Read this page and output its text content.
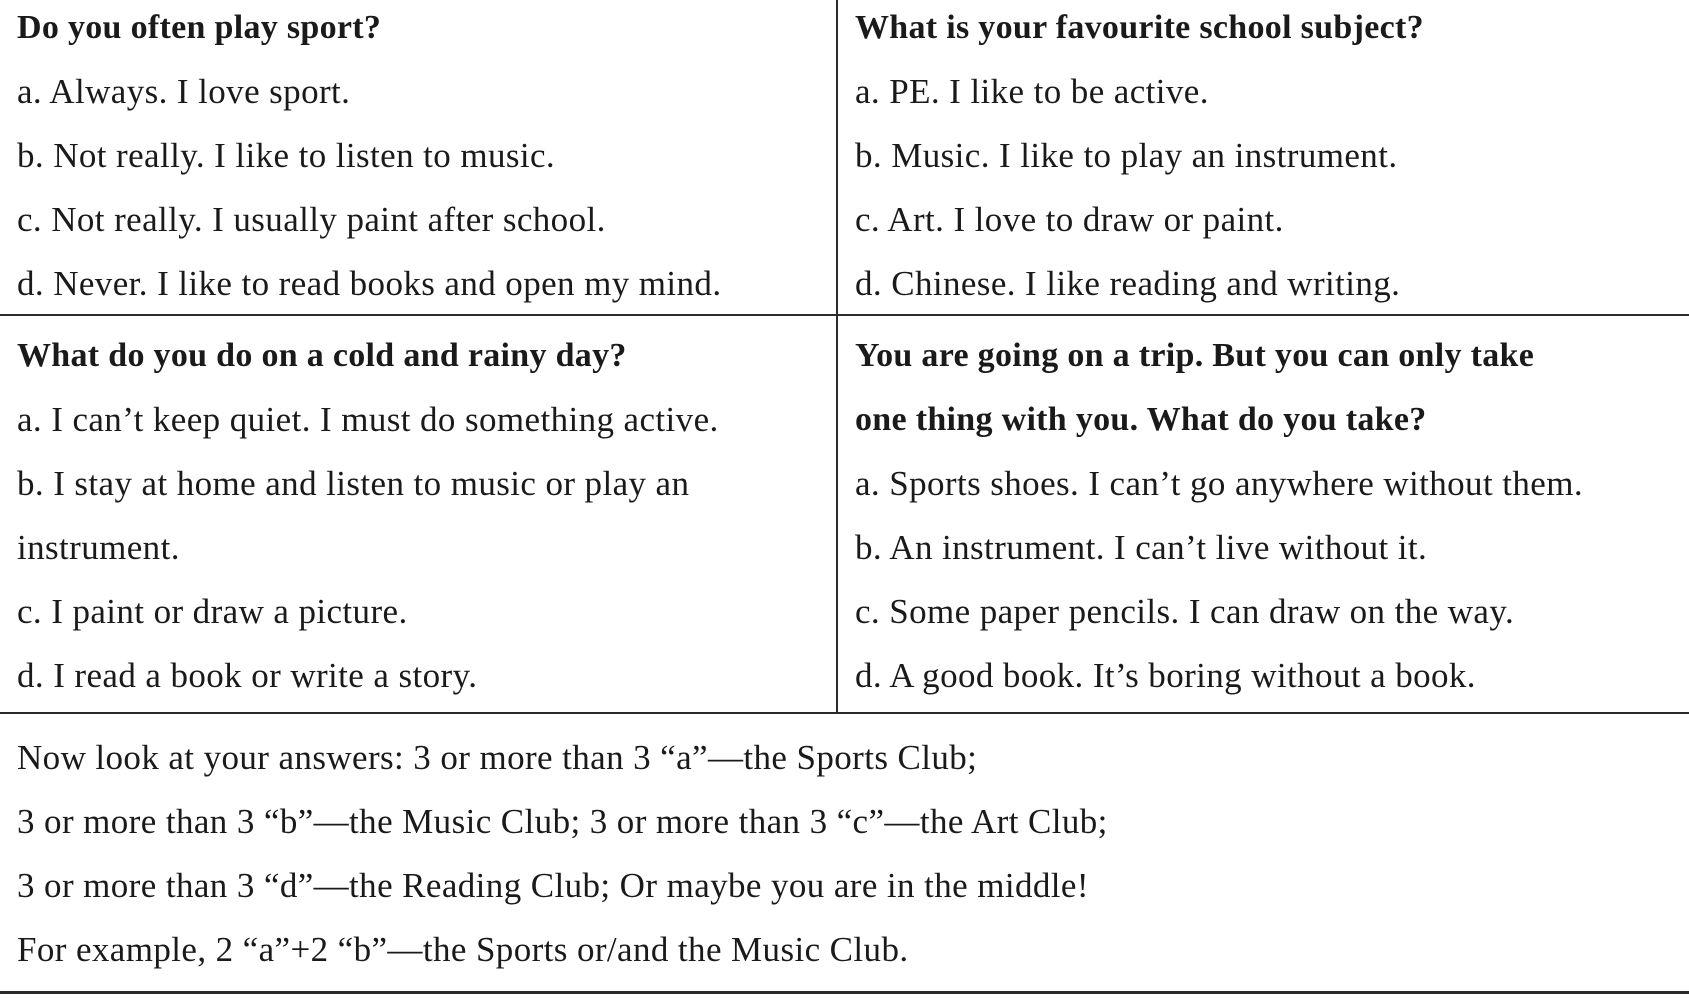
Do you often play sport?
a. Always. I love sport.
b. Not really. I like to listen to music.
c. Not really. I usually paint after school.
d. Never. I like to read books and open my mind.
What is your favourite school subject?
a. PE. I like to be active.
b. Music. I like to play an instrument.
c. Art. I love to draw or paint.
d. Chinese. I like reading and writing.
What do you do on a cold and rainy day?
a. I can’t keep quiet. I must do something active.
b. I stay at home and listen to music or play an
instrument.
c. I paint or draw a picture.
d. I read a book or write a story.
You are going on a trip. But you can only take
one thing with you. What do you take?
a. Sports shoes. I can’t go anywhere without them.
b. An instrument. I can’t live without it.
c. Some paper pencils. I can draw on the way.
d. A good book. It’s boring without a book.
Now look at your answers: 3 or more than 3 “a”—the Sports Club;
3 or more than 3 “b”—the Music Club; 3 or more than 3 “c”—the Art Club;
3 or more than 3 “d”—the Reading Club; Or maybe you are in the middle!
For example, 2 “a”+2 “b”—the Sports or/and the Music Club.
